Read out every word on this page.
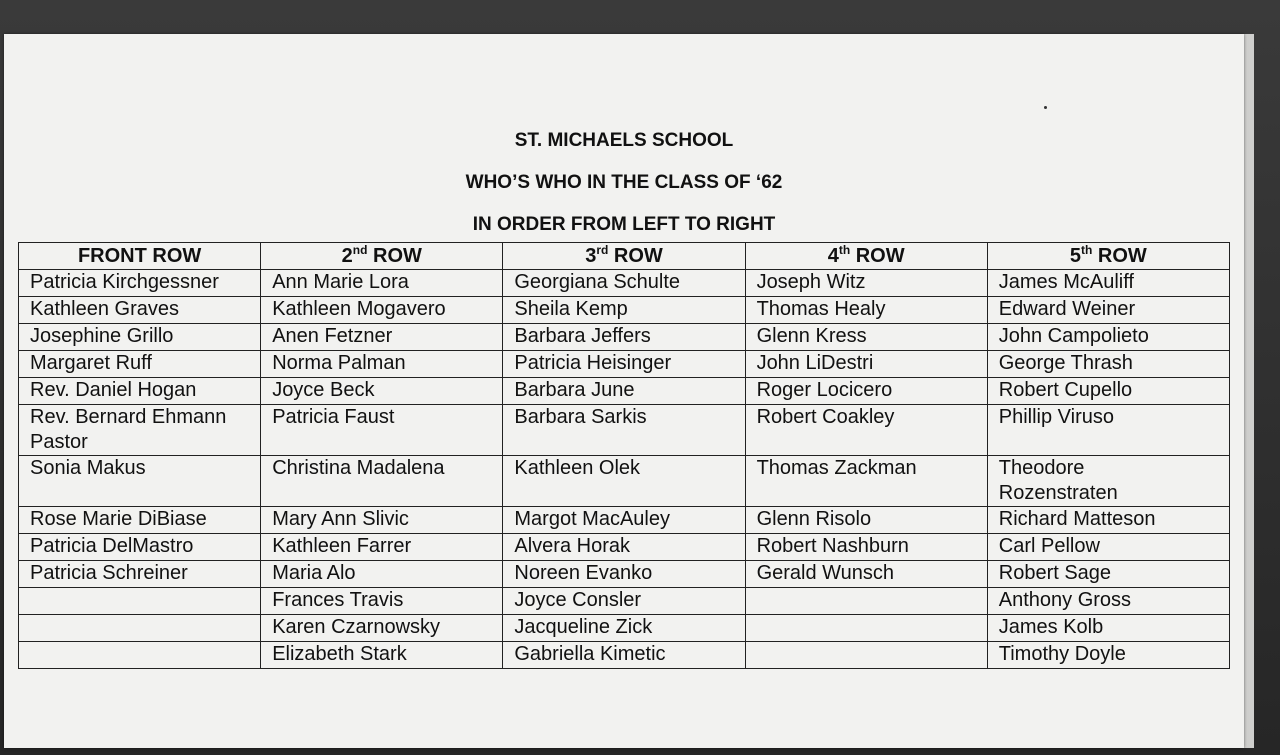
ST. MICHAELS SCHOOL
WHO’S WHO IN THE CLASS OF ‘62
IN ORDER FROM LEFT TO RIGHT
FRONT ROW	2nd ROW	3rd ROW	4th ROW	5th ROW

Patricia Kirchgessner	Ann Marie Lora	Georgiana Schulte	Joseph Witz	James McAuliff

Kathleen Graves	Kathleen Mogavero	Sheila Kemp	Thomas Healy	Edward Weiner

Josephine Grillo	Anen Fetzner	Barbara Jeffers	Glenn Kress	John Campolieto

Margaret Ruff	Norma Palman	Patricia Heisinger	John LiDestri	George Thrash

Rev. Daniel Hogan	Joyce Beck	Barbara June	Roger Locicero	Robert Cupello

Rev. Bernard Ehmann
Pastor	Patricia Faust	Barbara Sarkis	Robert Coakley	Phillip Viruso

Sonia Makus	Christina Madalena	Kathleen Olek	Thomas Zackman	Theodore
Rozenstraten

Rose Marie DiBiase	Mary Ann Slivic	Margot MacAuley	Glenn Risolo	Richard Matteson

Patricia DelMastro	Kathleen Farrer	Alvera Horak	Robert Nashburn	Carl Pellow

Patricia Schreiner	Maria Alo	Noreen Evanko	Gerald Wunsch	Robert Sage

	Frances Travis	Joyce Consler		Anthony Gross

	Karen Czarnowsky	Jacqueline Zick		James Kolb

	Elizabeth Stark	Gabriella Kimetic		Timothy Doyle
